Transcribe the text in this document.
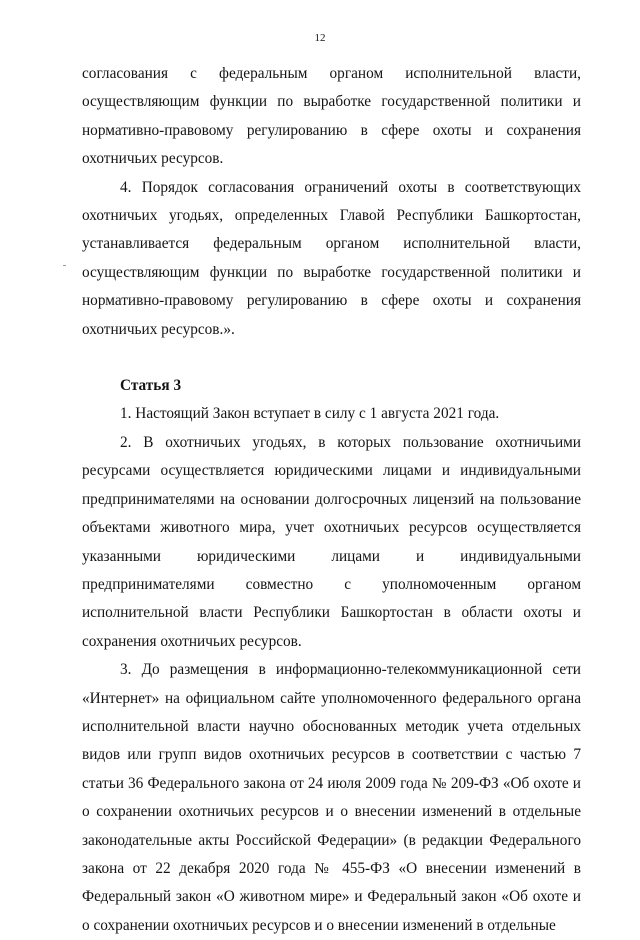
12

согласования с федеральным органом исполнительной власти, осуществляющим функции по выработке государственной политики и нормативно-правовому регулированию в сфере охоты и сохранения охотничьих ресурсов.

4. Порядок согласования ограничений охоты в соответствующих охотничьих угодьях, определенных Главой Республики Башкортостан, устанавливается федеральным органом исполнительной власти, осуществляющим функции по выработке государственной политики и нормативно-правовому регулированию в сфере охоты и сохранения охотничьих ресурсов.».

Статья 3

1. Настоящий Закон вступает в силу с 1 августа 2021 года.

2. В охотничьих угодьях, в которых пользование охотничьими ресурсами осуществляется юридическими лицами и индивидуальными предпринимателями на основании долгосрочных лицензий на пользование объектами животного мира, учет охотничьих ресурсов осуществляется указанными юридическими лицами и индивидуальными предпринимателями совместно с уполномоченным органом исполнительной власти Республики Башкортостан в области охоты и сохранения охотничьих ресурсов.

3. До размещения в информационно-телекоммуникационной сети «Интернет» на официальном сайте уполномоченного федерального органа исполнительной власти научно обоснованных методик учета отдельных видов или групп видов охотничьих ресурсов в соответствии с частью 7 статьи 36 Федерального закона от 24 июля 2009 года № 209-ФЗ «Об охоте и о сохранении охотничьих ресурсов и о внесении изменений в отдельные законодательные акты Российской Федерации» (в редакции Федерального закона от 22 декабря 2020 года № 455-ФЗ «О внесении изменений в Федеральный закон «О животном мире» и Федеральный закон «Об охоте и о сохранении охотничьих ресурсов и о внесении изменений в отдельные
